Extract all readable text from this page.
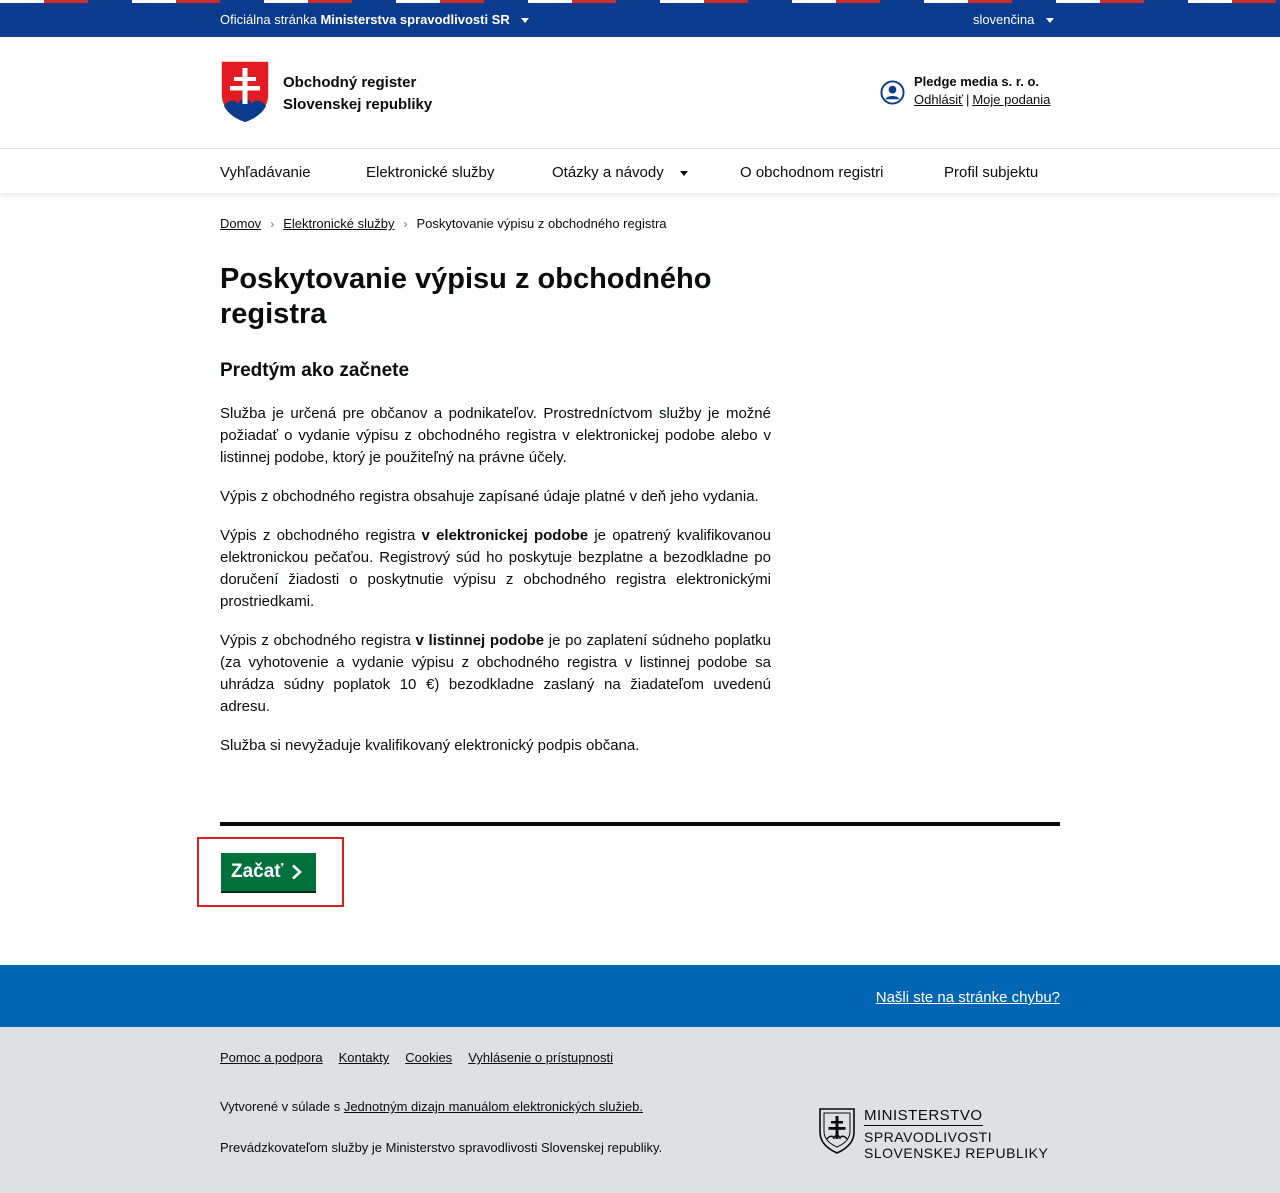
Oficiálna stránka Ministerstva spravodlivosti SR	slovenčina
Obchodný register
Slovenskej republiky
Pledge media s. r. o.
Odhlásiť | Moje podania
Vyhľadávanie	Elektronické služby	Otázky a návody	O obchodnom registri	Profil subjektu
Domov › Elektronické služby › Poskytovanie výpisu z obchodného registra
Poskytovanie výpisu z obchodného registra
Predtým ako začnete

Služba je určená pre občanov a podnikateľov. Prostredníctvom služby je možné požiadať o vydanie výpisu z obchodného registra v elektronickej podobe alebo v listinnej podobe, ktorý je použiteľný na právne účely.

Výpis z obchodného registra obsahuje zapísané údaje platné v deň jeho vydania.

Výpis z obchodného registra v elektronickej podobe je opatrený kvalifikovanou elektronickou pečaťou. Registrový súd ho poskytuje bezplatne a bezodkladne po doručení žiadosti o poskytnutie výpisu z obchodného registra elektronickými prostriedkami.

Výpis z obchodného registra v listinnej podobe je po zaplatení súdneho poplatku (za vyhotovenie a vydanie výpisu z obchodného registra v listinnej podobe sa uhrádza súdny poplatok 10 €) bezodkladne zaslaný na žiadateľom uvedenú adresu.

Služba si nevyžaduje kvalifikovaný elektronický podpis občana.

Začať
Našli ste na stránke chybu?
Pomoc a podpora Kontakty Cookies Vyhlásenie o prístupnosti
Vytvorené v súlade s Jednotným dizajn manuálom elektronických služieb.
Prevádzkovateľom služby je Ministerstvo spravodlivosti Slovenskej republiky.
MINISTERSTVO
SPRAVODLIVOSTI
SLOVENSKEJ REPUBLIKY
